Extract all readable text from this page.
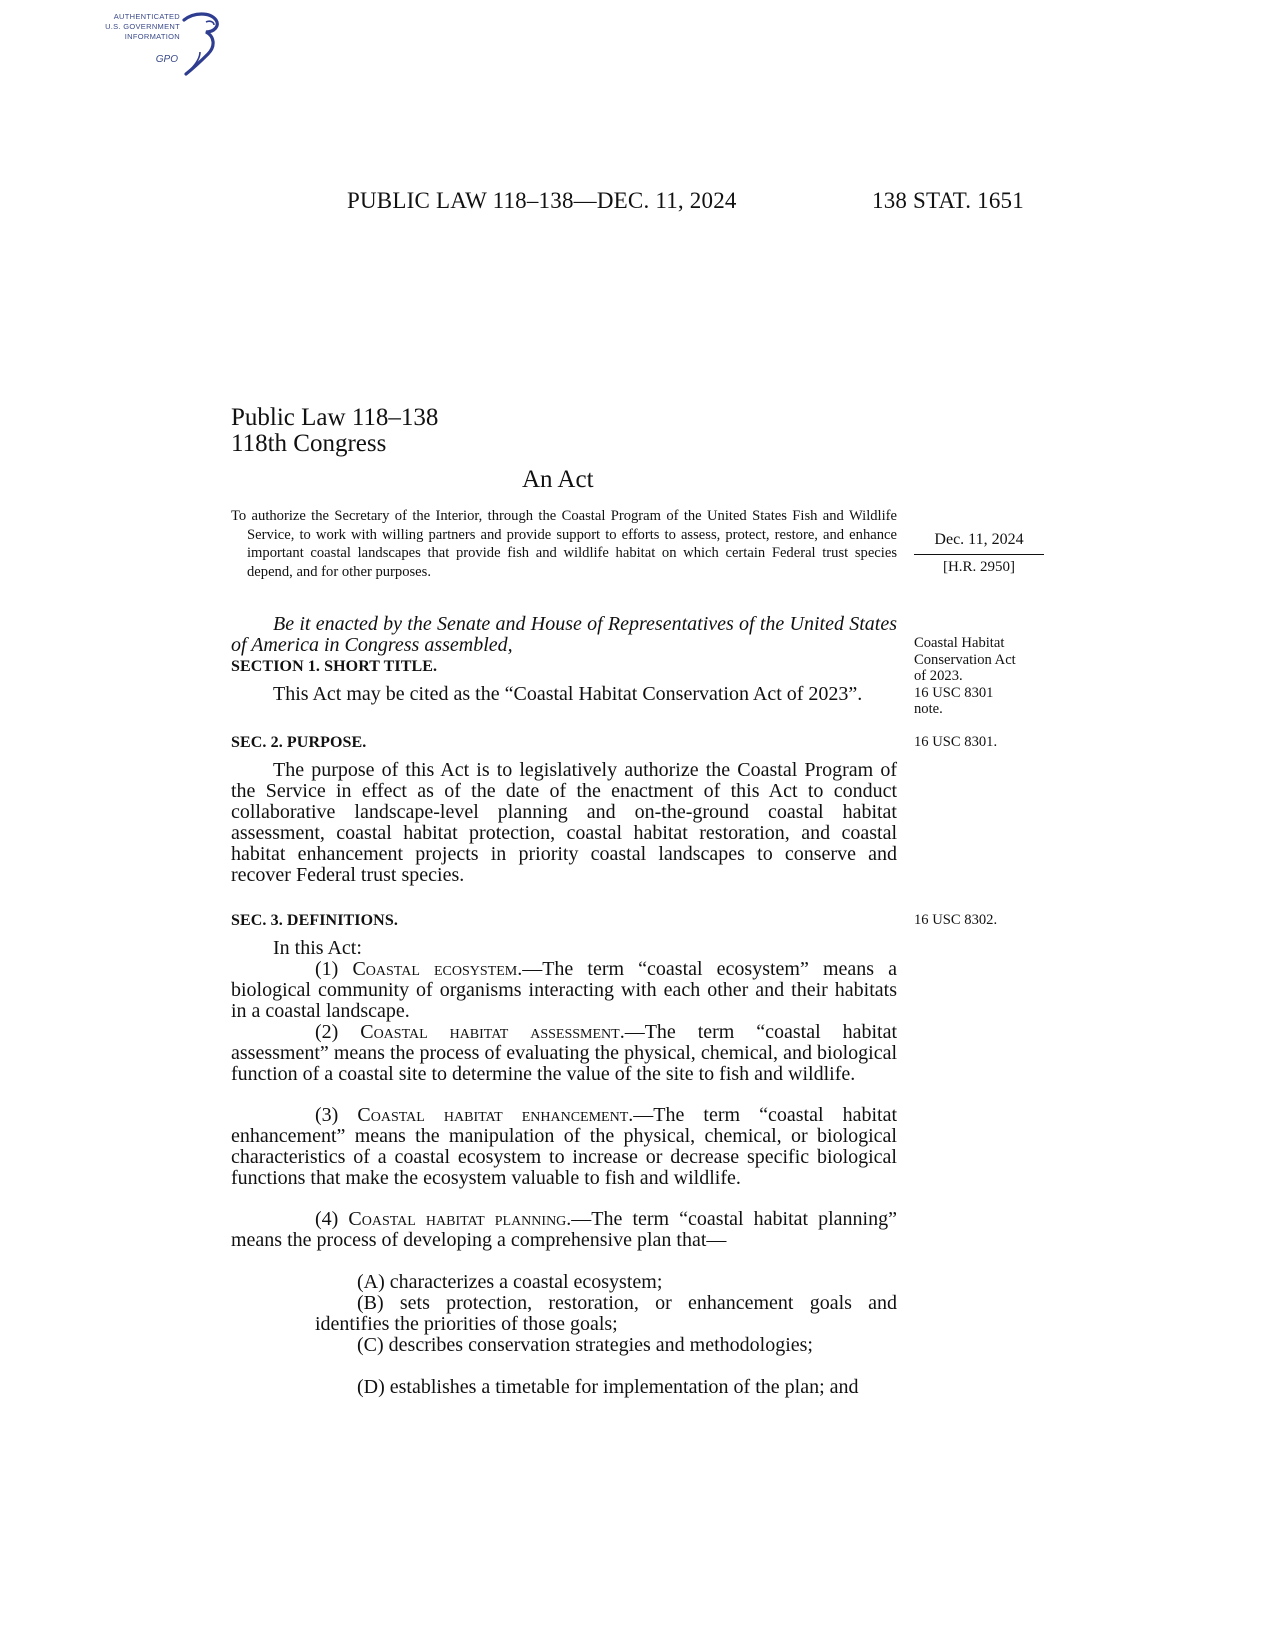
AUTHENTICATED
U.S. GOVERNMENT
INFORMATION
GPO
PUBLIC LAW 118–138—DEC. 11, 2024	138 STAT. 1651
Public Law 118–138
118th Congress
An Act
To authorize the Secretary of the Interior, through the Coastal Program of the United States Fish and Wildlife Service, to work with willing partners and provide support to efforts to assess, protect, restore, and enhance important coastal landscapes that provide fish and wildlife habitat on which certain Federal trust species depend, and for other purposes.
Dec. 11, 2024
[H.R. 2950]
Coastal Habitat
Conservation Act
of 2023.
16 USC 8301
note.
16 USC 8301.
16 USC 8302.
Be it enacted by the Senate and House of Representatives of the United States of America in Congress assembled,
SECTION 1. SHORT TITLE.
This Act may be cited as the “Coastal Habitat Conservation Act of 2023”.
SEC. 2. PURPOSE.
The purpose of this Act is to legislatively authorize the Coastal Program of the Service in effect as of the date of the enactment of this Act to conduct collaborative landscape-level planning and on-the-ground coastal habitat assessment, coastal habitat protection, coastal habitat restoration, and coastal habitat enhancement projects in priority coastal landscapes to conserve and recover Federal trust species.
SEC. 3. DEFINITIONS.
In this Act:
(1) Coastal ecosystem.—The term “coastal ecosystem” means a biological community of organisms interacting with each other and their habitats in a coastal landscape.
(2) Coastal habitat assessment.—The term “coastal habitat assessment” means the process of evaluating the physical, chemical, and biological function of a coastal site to determine the value of the site to fish and wildlife.
(3) Coastal habitat enhancement.—The term “coastal habitat enhancement” means the manipulation of the physical, chemical, or biological characteristics of a coastal ecosystem to increase or decrease specific biological functions that make the ecosystem valuable to fish and wildlife.
(4) Coastal habitat planning.—The term “coastal habitat planning” means the process of developing a comprehensive plan that—
(A) characterizes a coastal ecosystem;
(B) sets protection, restoration, or enhancement goals and identifies the priorities of those goals;
(C) describes conservation strategies and methodologies;
(D) establishes a timetable for implementation of the plan; and
